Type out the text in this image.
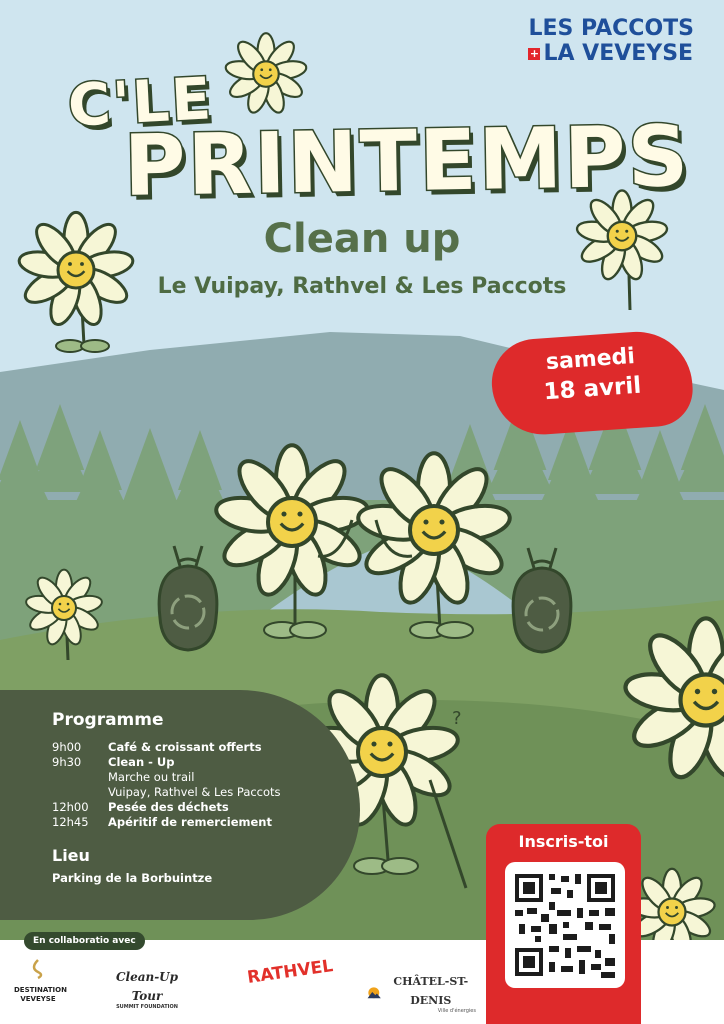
?
LES PACCOTS
+ LA VEVEYSE
C'LE
PRINTEMPS
Clean up
Le Vuipay, Rathvel & Les Paccots
samedi
18 avril
Programme
9h00	Café & croissant offerts
9h30	Clean - Up
Marche ou trail
Vuipay, Rathvel & Les Paccots
12h00	Pesée des déchets
12h45	Apéritif de remerciement
Lieu
Parking de la Borbuintze
En collaboratio avec
DESTINATION VEVEYSE
Clean-Up Tour
SUMMIT FOUNDATION
RATHVEL	CHÂTEL-ST-DENIS
Ville d'énergies
Inscris-toi
